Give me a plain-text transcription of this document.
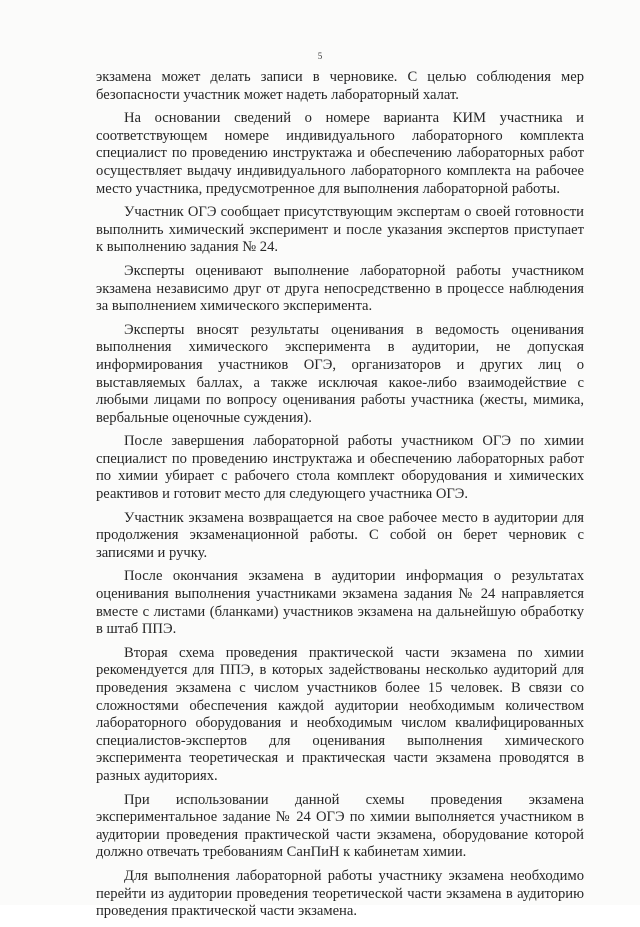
5

экзамена может делать записи в черновике. С целью соблюдения мер безопасности участник может надеть лабораторный халат.

На основании сведений о номере варианта КИМ участника и соответствующем номере индивидуального лабораторного комплекта специалист по проведению инструктажа и обеспечению лабораторных работ осуществляет выдачу индивидуального лабораторного комплекта на рабочее место участника, предусмотренное для выполнения лабораторной работы.

Участник ОГЭ сообщает присутствующим экспертам о своей готовности выполнить химический эксперимент и после указания экспертов приступает к выполнению задания № 24.

Эксперты оценивают выполнение лабораторной работы участником экзамена независимо друг от друга непосредственно в процессе наблюдения за выполнением химического эксперимента.

Эксперты вносят результаты оценивания в ведомость оценивания выполнения химического эксперимента в аудитории, не допуская информирования участников ОГЭ, организаторов и других лиц о выставляемых баллах, а также исключая какое-либо взаимодействие с любыми лицами по вопросу оценивания работы участника (жесты, мимика, вербальные оценочные суждения).

После завершения лабораторной работы участником ОГЭ по химии специалист по проведению инструктажа и обеспечению лабораторных работ по химии убирает с рабочего стола комплект оборудования и химических реактивов и готовит место для следующего участника ОГЭ.

Участник экзамена возвращается на свое рабочее место в аудитории для продолжения экзаменационной работы. С собой он берет черновик с записями и ручку.

После окончания экзамена в аудитории информация о результатах оценивания выполнения участниками экзамена задания № 24 направляется вместе с листами (бланками) участников экзамена на дальнейшую обработку в штаб ППЭ.

Вторая схема проведения практической части экзамена по химии рекомендуется для ППЭ, в которых задействованы несколько аудиторий для проведения экзамена с числом участников более 15 человек. В связи со сложностями обеспечения каждой аудитории необходимым количеством лабораторного оборудования и необходимым числом квалифицированных специалистов-экспертов для оценивания выполнения химического эксперимента теоретическая и практическая части экзамена проводятся в разных аудиториях.

При использовании данной схемы проведения экзамена экспериментальное задание № 24 ОГЭ по химии выполняется участником в аудитории проведения практической части экзамена, оборудование которой должно отвечать требованиям СанПиН к кабинетам химии.

Для выполнения лабораторной работы участнику экзамена необходимо перейти из аудитории проведения теоретической части экзамена в аудиторию проведения практической части экзамена.
